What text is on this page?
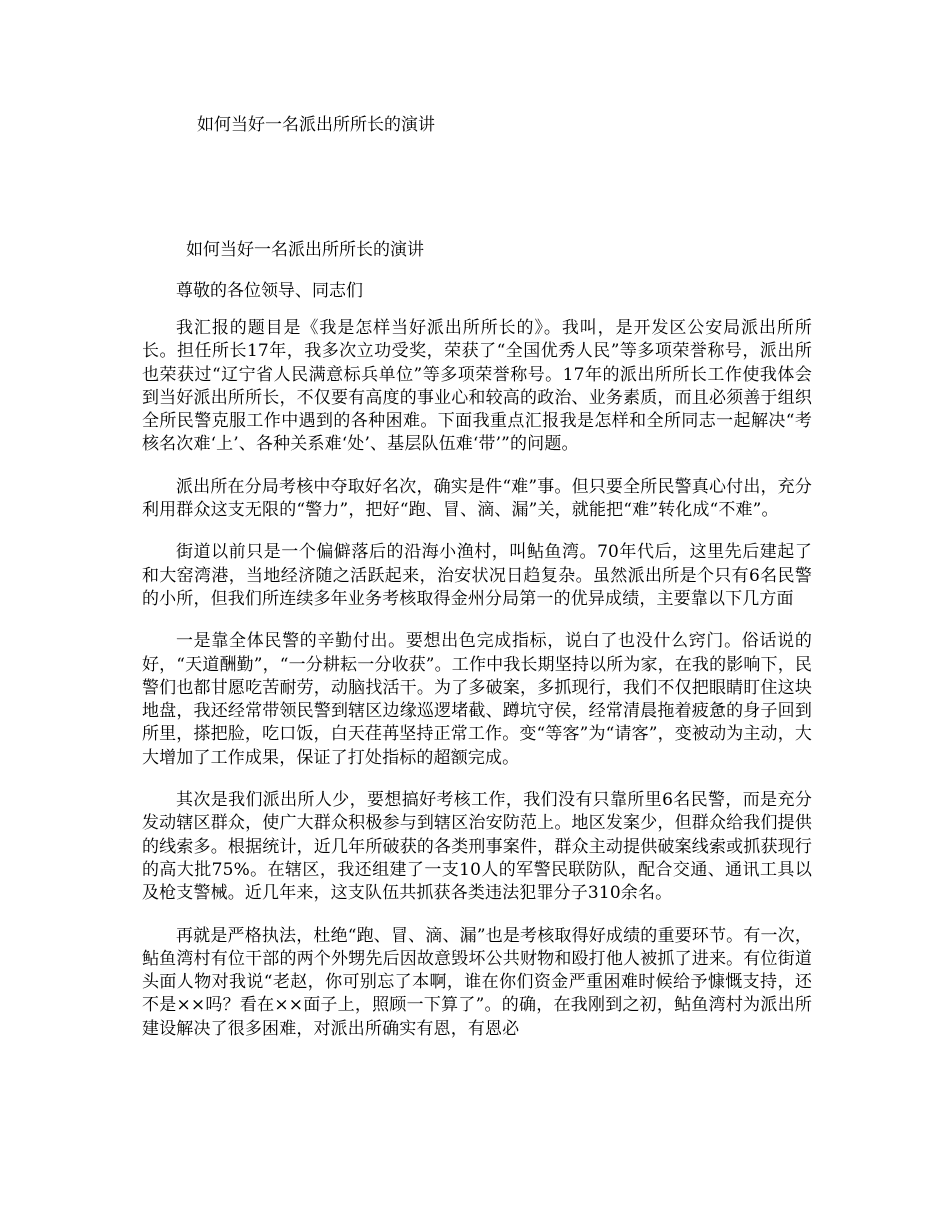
如何当好一名派出所所长的演讲

如何当好一名派出所所长的演讲

尊敬的各位领导、同志们

我汇报的题目是《我是怎样当好派出所所长的》。我叫，是开发区公安局派出所所长。担任所长17年，我多次立功受奖，荣获了“全国优秀人民”等多项荣誉称号，派出所也荣获过“辽宁省人民满意标兵单位”等多项荣誉称号。17年的派出所所长工作使我体会到当好派出所所长，不仅要有高度的事业心和较高的政治、业务素质，而且必须善于组织全所民警克服工作中遇到的各种困难。下面我重点汇报我是怎样和全所同志一起解决“考核名次难‘上’、各种关系难‘处’、基层队伍难‘带’”的问题。

派出所在分局考核中夺取好名次，确实是件“难”事。但只要全所民警真心付出，充分利用群众这支无限的“警力”，把好“跑、冒、滴、漏”关，就能把“难”转化成“不难”。

街道以前只是一个偏僻落后的沿海小渔村，叫鲇鱼湾。70年代后，这里先后建起了和大窑湾港，当地经济随之活跃起来，治安状况日趋复杂。虽然派出所是个只有6名民警的小所，但我们所连续多年业务考核取得金州分局第一的优异成绩，主要靠以下几方面

一是靠全体民警的辛勤付出。要想出色完成指标，说白了也没什么窍门。俗话说的好，“天道酬勤”，“一分耕耘一分收获”。工作中我长期坚持以所为家，在我的影响下，民警们也都甘愿吃苦耐劳，动脑找活干。为了多破案，多抓现行，我们不仅把眼睛盯住这块地盘，我还经常带领民警到辖区边缘巡逻堵截、蹲坑守侯，经常清晨拖着疲惫的身子回到所里，搽把脸，吃口饭，白天荏苒坚持正常工作。变“等客”为“请客”，变被动为主动，大大增加了工作成果，保证了打处指标的超额完成。

其次是我们派出所人少，要想搞好考核工作，我们没有只靠所里6名民警，而是充分发动辖区群众，使广大群众积极参与到辖区治安防范上。地区发案少，但群众给我们提供的线索多。根据统计，近几年所破获的各类刑事案件，群众主动提供破案线索或抓获现行的高大批75%。在辖区，我还组建了一支10人的军警民联防队，配合交通、通讯工具以及枪支警械。近几年来，这支队伍共抓获各类违法犯罪分子310余名。

再就是严格执法，杜绝“跑、冒、滴、漏”也是考核取得好成绩的重要环节。有一次，鲇鱼湾村有位干部的两个外甥先后因故意毁坏公共财物和殴打他人被抓了进来。有位街道头面人物对我说“老赵，你可别忘了本啊，谁在你们资金严重困难时候给予慷慨支持，还不是××吗？看在××面子上，照顾一下算了”。的确，在我刚到之初，鲇鱼湾村为派出所建设解决了很多困难，对派出所确实有恩，有恩必
